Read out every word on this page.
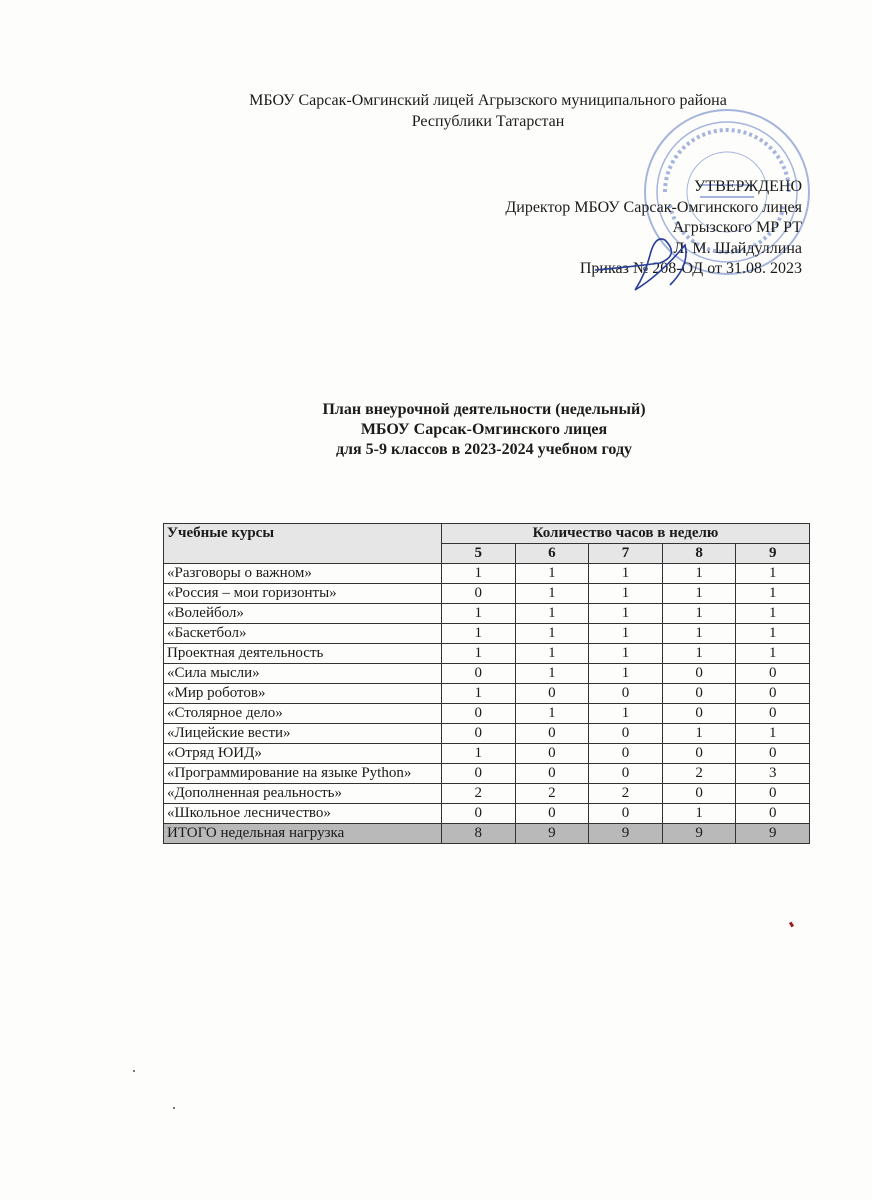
МБОУ Сарсак-Омгинский лицей Агрызского муниципального района
Республики Татарстан
УТВЕРЖДЕНО
Директор МБОУ Сарсак-Омгинского лицея
Агрызского МР РТ
Л. М. Шайдуллина
Приказ № 208-ОД от 31.08. 2023
План внеурочной деятельности (недельный)
МБОУ Сарсак-Омгинского лицея
для 5-9 классов в 2023-2024 учебном году
Учебные курсы	Количество часов в неделю				
	5	6	7	8	9
«Разговоры о важном»	1	1	1	1	1
«Россия – мои горизонты»	0	1	1	1	1
«Волейбол»	1	1	1	1	1
«Баскетбол»	1	1	1	1	1
Проектная деятельность	1	1	1	1	1
«Сила мысли»	0	1	1	0	0
«Мир роботов»	1	0	0	0	0
«Столярное дело»	0	1	1	0	0
«Лицейские вести»	0	0	0	1	1
«Отряд ЮИД»	1	0	0	0	0
«Программирование на языке Python»	0	0	0	2	3
«Дополненная реальность»	2	2	2	0	0
«Школьное лесничество»	0	0	0	1	0
ИТОГО недельная нагрузка	8	9	9	9	9
